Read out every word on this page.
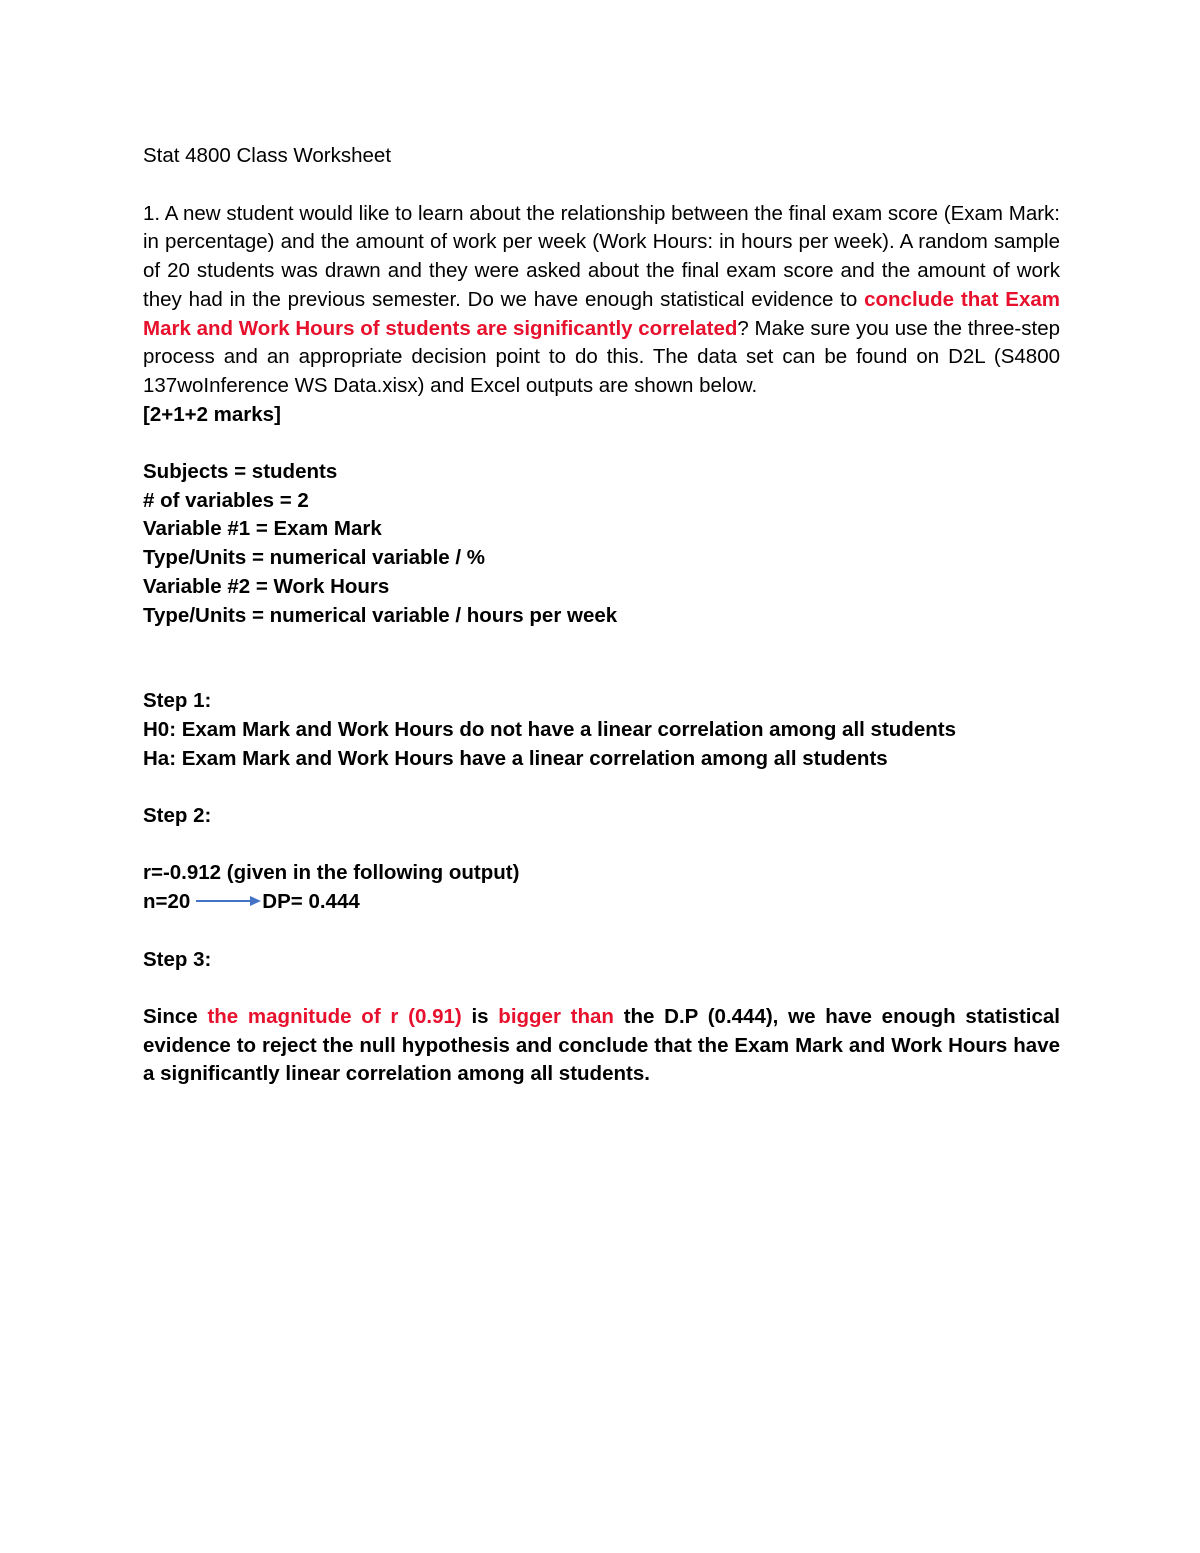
Stat 4800 Class Worksheet

1. A new student would like to learn about the relationship between the final exam score (Exam Mark: in percentage) and the amount of work per week (Work Hours: in hours per week). A random sample of 20 students was drawn and they were asked about the final exam score and the amount of work they had in the previous semester. Do we have enough statistical evidence to conclude that Exam Mark and Work Hours of students are significantly correlated? Make sure you use the three-step process and an appropriate decision point to do this. The data set can be found on D2L (S4800 137woInference WS Data.xisx) and Excel outputs are shown below.

[2+1+2 marks]

Subjects = students

# of variables = 2

Variable #1 = Exam Mark

Type/Units = numerical variable / %

Variable #2 = Work Hours

Type/Units = numerical variable / hours per week

Step 1:

H0: Exam Mark and Work Hours do not have a linear correlation among all students

Ha: Exam Mark and Work Hours have a linear correlation among all students

Step 2:

r=-0.912 (given in the following output)

n=20	DP= 0.444

Step 3:

Since the magnitude of r (0.91) is bigger than the D.P (0.444), we have enough statistical evidence to reject the null hypothesis and conclude that the Exam Mark and Work Hours have a significantly linear correlation among all students.
